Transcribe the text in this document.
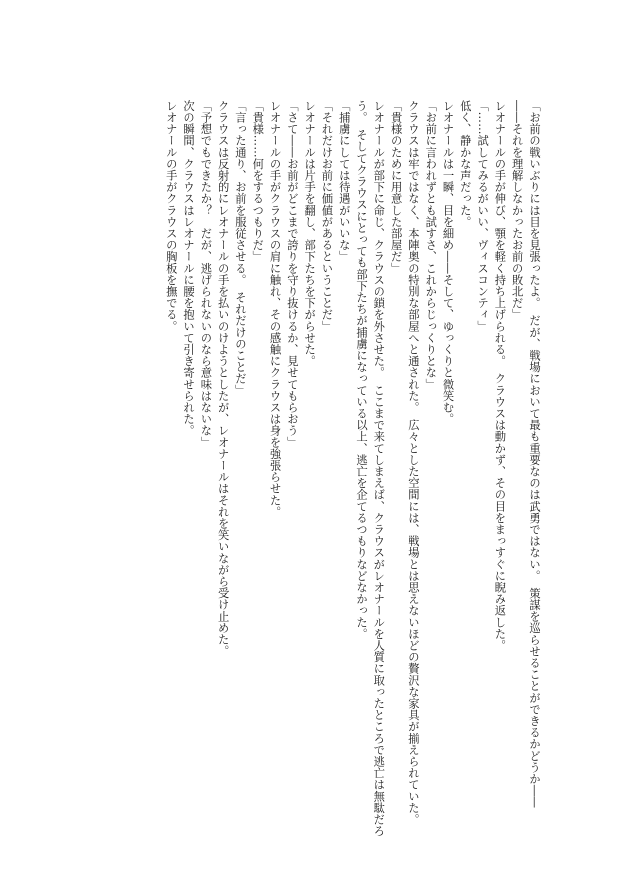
「お前の戦いぶりには目を見張ったよ。　だが、戦場において最も重要なのは武勇ではない。　策謀を巡らせることができるかどうか――
――それを理解しなかったお前の敗北だ」
レオナールの手が伸び、顎を軽く持ち上げられる。　クラウスは動かず、その目をまっすぐに睨み返した。
「……試してみるがいい、ヴィスコンティ」
低く、静かな声だった。
レオナールは一瞬、目を細め――そして、ゆっくりと微笑む。
「お前に言われずとも試すさ、これからじっくりとな」
クラウスは牢ではなく、本陣奥の特別な部屋へと通された。　広々とした空間には、戦場とは思えないほどの贅沢な家具が揃えられていた。
「貴様のために用意した部屋だ」
レオナールが部下に命じ、クラウスの鎖を外させた。　ここまで来てしまえば、クラウスがレオナールを人質に取ったところで逃亡は無駄だろう。　そしてクラウスにとっても部下たちが捕虜になっている以上、逃亡を企てるつもりなどなかった。
「捕虜にしては待遇がいいな」
「それだけお前に価値があるということだ」
レオナールは片手を翻し、部下たちを下がらせた。
「さて――お前がどこまで誇りを守り抜けるか、見せてもらおう」
レオナールの手がクラウスの肩に触れ、その感触にクラウスは身を強張らせた。
「貴様……何をするつもりだ」
「言った通り、お前を服従させる。　それだけのことだ」
クラウスは反射的にレオナールの手を払いのけようとしたが、レオナールはそれを笑いながら受け止めた。
「予想でもできたか？　だが、逃げられないのなら意味はないな」
次の瞬間、クラウスはレオナールに腰を抱いて引き寄せられた。
レオナールの手がクラウスの胸板を撫でる。
